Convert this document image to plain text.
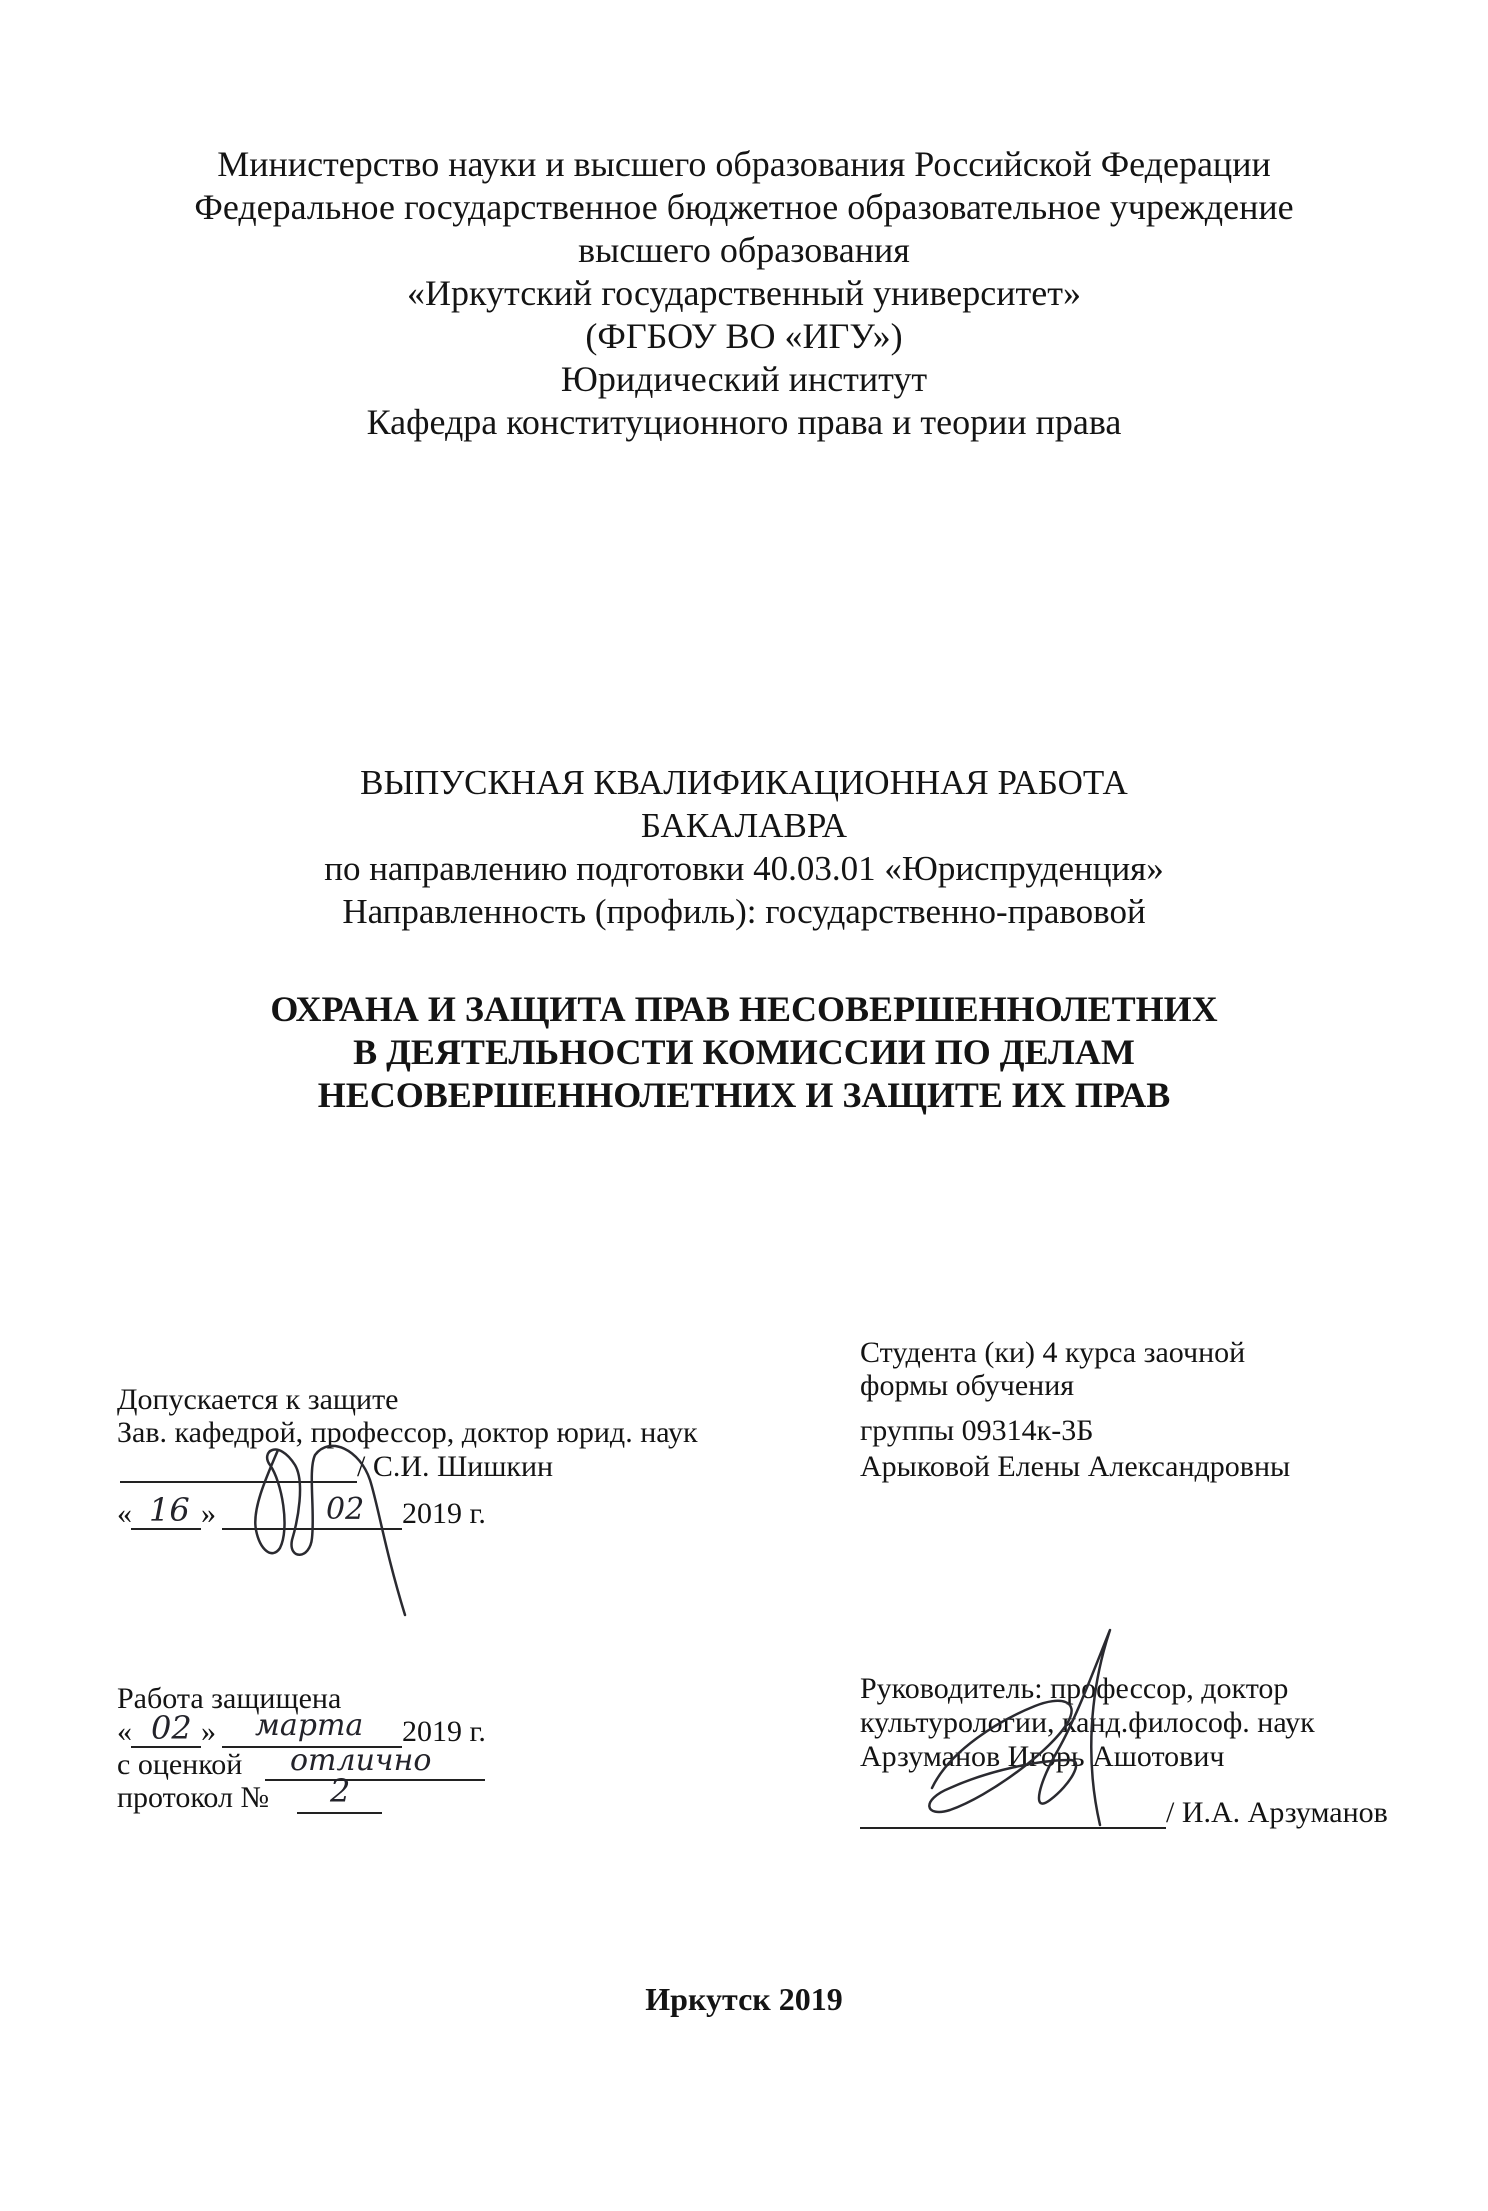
Министерство науки и высшего образования Российской Федерации
Федеральное государственное бюджетное образовательное учреждение
высшего образования
«Иркутский государственный университет»
(ФГБОУ ВО «ИГУ»)
Юридический институт
Кафедра конституционного права и теории права
ВЫПУСКНАЯ КВАЛИФИКАЦИОННАЯ РАБОТА
БАКАЛАВРА
по направлению подготовки 40.03.01 «Юриспруденция»
Направленность (профиль): государственно-правовой
ОХРАНА И ЗАЩИТА ПРАВ НЕСОВЕРШЕННОЛЕТНИХ
В ДЕЯТЕЛЬНОСТИ КОМИССИИ ПО ДЕЛАМ
НЕСОВЕРШЕННОЛЕТНИХ И ЗАЩИТЕ ИХ ПРАВ
Допускается к защите
Зав. кафедрой, профессор, доктор юрид. наук
/ С.И. Шишкин
« 16 »	02 2019 г.
Студента (ки) 4 курса заочной
формы обучения
группы 09314к-3Б
Арыковой Елены Александровны
Работа защищена
« 02 » марта 2019 г.
с оценкой отлично
протокол № 2
Руководитель: профессор, доктор
культурологии, канд.философ. наук
Арзуманов Игорь Ашотович
/ И.А. Арзуманов
Иркутск 2019
